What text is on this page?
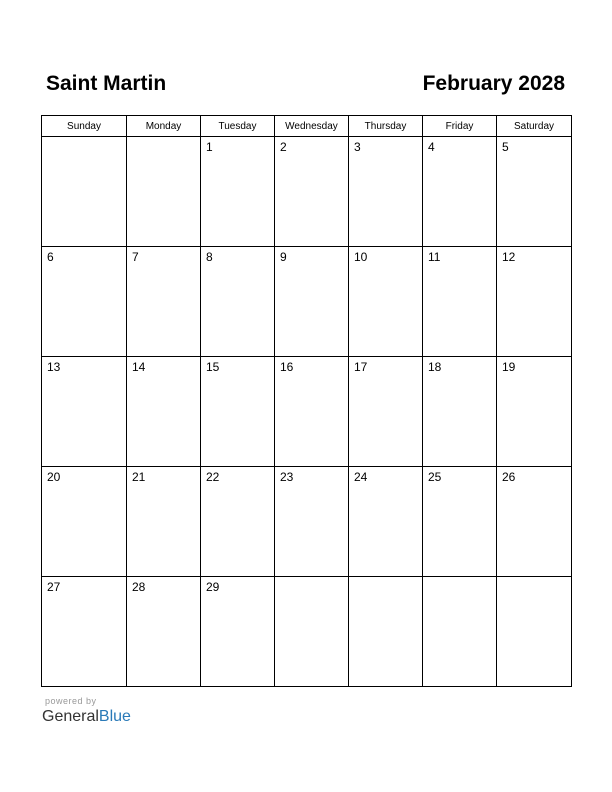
Saint Martin	February 2028
Sunday	Monday	Tuesday	Wednesday	Thursday	Friday	Saturday

		1	2	3	4	5

6	7	8	9	10	11	12

13	14	15	16	17	18	19

20	21	22	23	24	25	26

27	28	29				

powered by
GeneralBlue
